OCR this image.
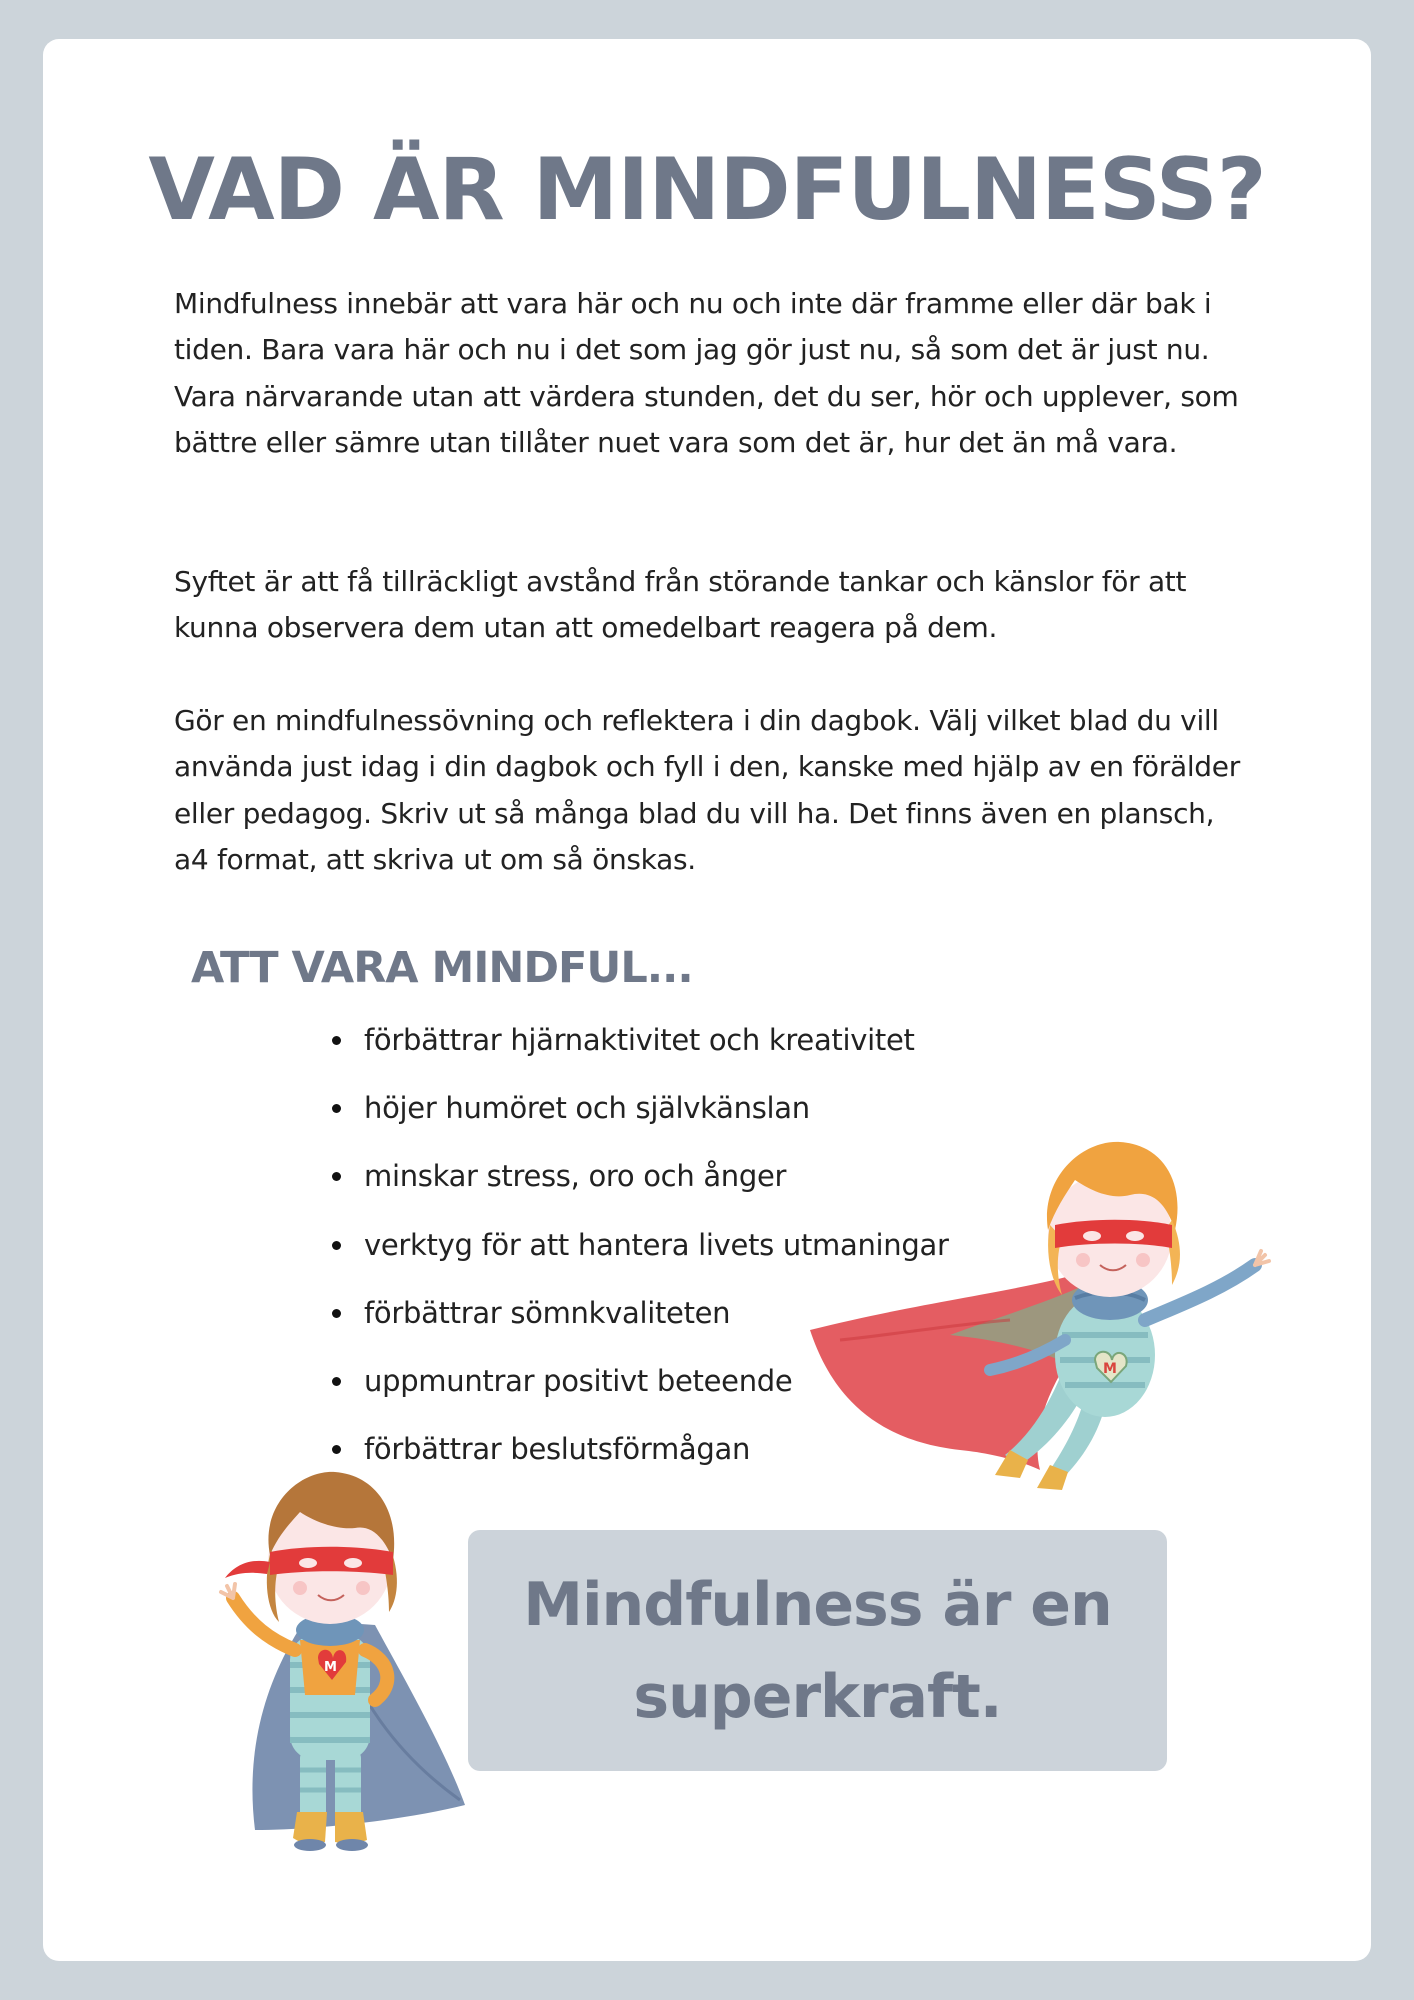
VAD ÄR MINDFULNESS?

Mindfulness innebär att vara här och nu och inte där framme eller där bak i tiden. Bara vara här och nu i det som jag gör just nu, så som det är just nu. Vara närvarande utan att värdera stunden, det du ser, hör och upplever, som bättre eller sämre utan tillåter nuet vara som det är, hur det än må vara.

Syftet är att få tillräckligt avstånd från störande tankar och känslor för att kunna observera dem utan att omedelbart reagera på dem.

Gör en mindfulnessövning och reflektera i din dagbok. Välj vilket blad du vill använda just idag i din dagbok och fyll i den, kanske med hjälp av en förälder eller pedagog. Skriv ut så många blad du vill ha. Det finns även en plansch, a4 format, att skriva ut om så önskas.

ATT VARA MINDFUL...
förbättrar hjärnaktivitet och kreativitet
höjer humöret och självkänslan
minskar stress, oro och ånger
verktyg för att hantera livets utmaningar
förbättrar sömnkvaliteten
uppmuntrar positivt beteende
förbättrar beslutsförmågan
M
M

Mindfulness är en
superkraft.
